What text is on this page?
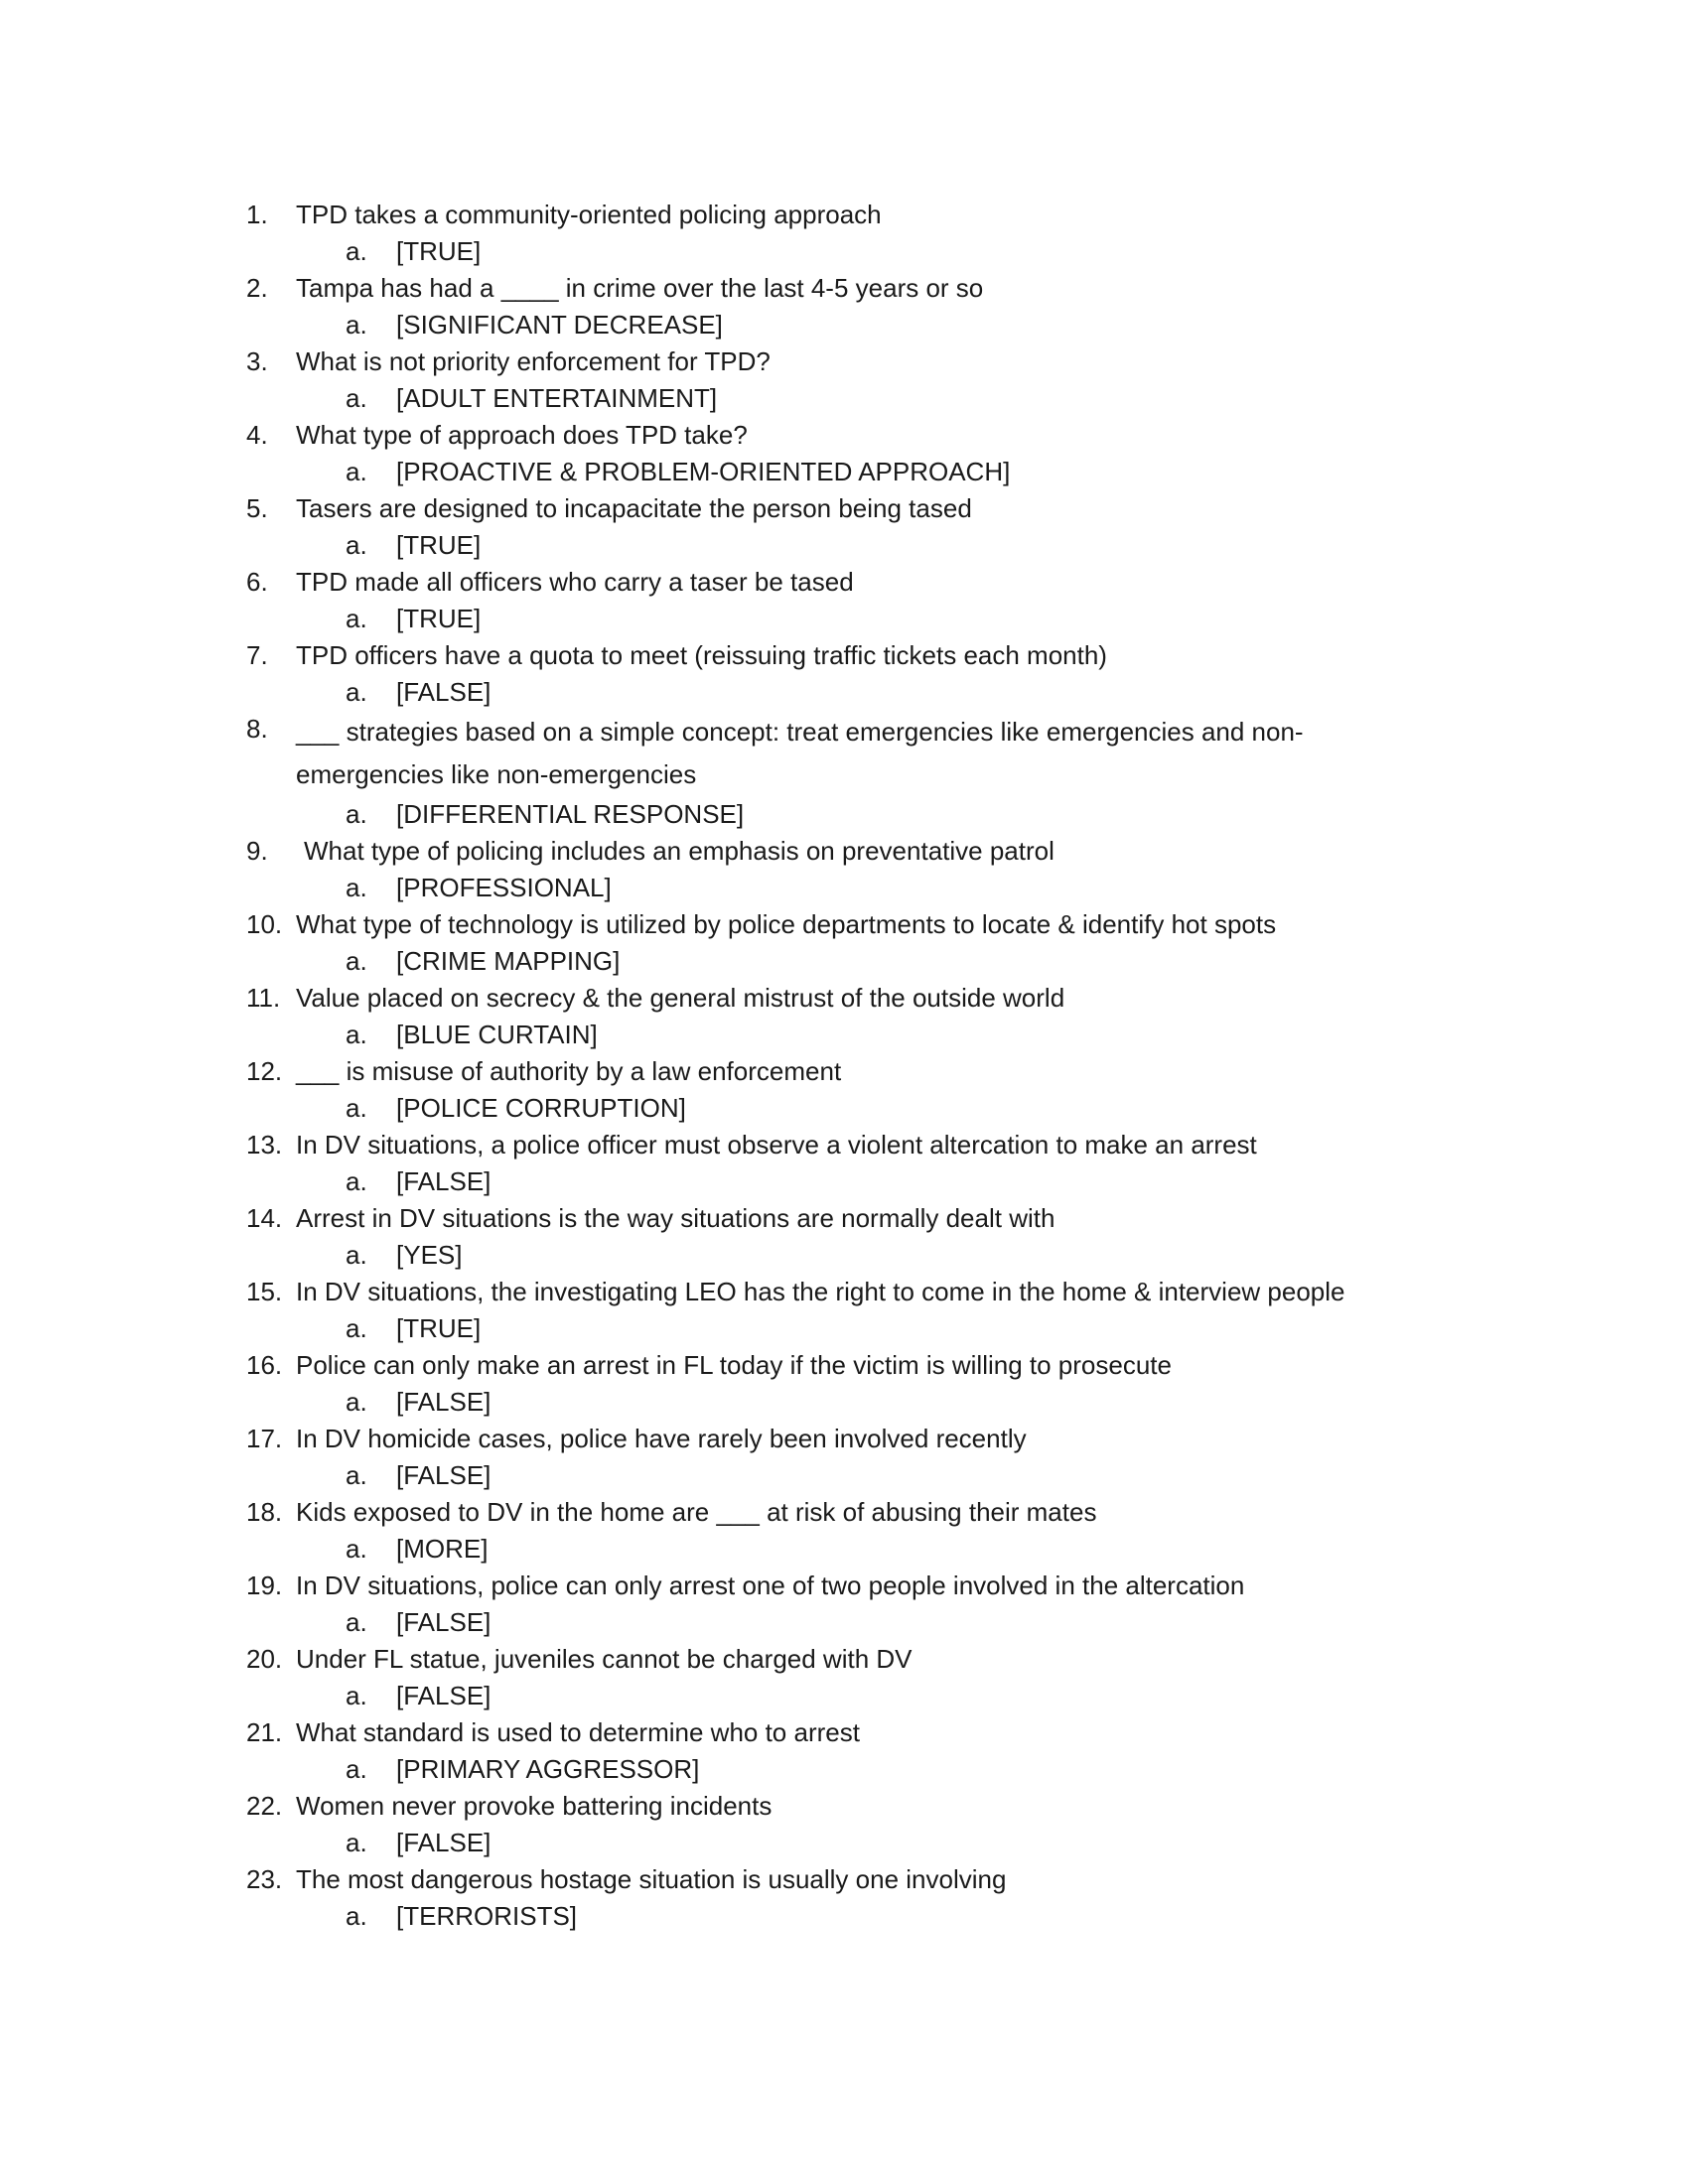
1. TPD takes a community-oriented policing approach
a. [TRUE]
2. Tampa has had a ____ in crime over the last 4-5 years or so
a. [SIGNIFICANT DECREASE]
3. What is not priority enforcement for TPD?
a. [ADULT ENTERTAINMENT]
4. What type of approach does TPD take?
a. [PROACTIVE & PROBLEM-ORIENTED APPROACH]
5. Tasers are designed to incapacitate the person being tased
a. [TRUE]
6. TPD made all officers who carry a taser be tased
a. [TRUE]
7. TPD officers have a quota to meet (reissuing traffic tickets each month)
a. [FALSE]
8. ___ strategies based on a simple concept: treat emergencies like emergencies and non-emergencies like non-emergencies
a. [DIFFERENTIAL RESPONSE]
9. What type of policing includes an emphasis on preventative patrol
a. [PROFESSIONAL]
10. What type of technology is utilized by police departments to locate & identify hot spots
a. [CRIME MAPPING]
11. Value placed on secrecy & the general mistrust of the outside world
a. [BLUE CURTAIN]
12. ___ is misuse of authority by a law enforcement
a. [POLICE CORRUPTION]
13. In DV situations, a police officer must observe a violent altercation to make an arrest
a. [FALSE]
14. Arrest in DV situations is the way situations are normally dealt with
a. [YES]
15. In DV situations, the investigating LEO has the right to come in the home & interview people
a. [TRUE]
16. Police can only make an arrest in FL today if the victim is willing to prosecute
a. [FALSE]
17. In DV homicide cases, police have rarely been involved recently
a. [FALSE]
18. Kids exposed to DV in the home are ___ at risk of abusing their mates
a. [MORE]
19. In DV situations, police can only arrest one of two people involved in the altercation
a. [FALSE]
20. Under FL statue, juveniles cannot be charged with DV
a. [FALSE]
21. What standard is used to determine who to arrest
a. [PRIMARY AGGRESSOR]
22. Women never provoke battering incidents
a. [FALSE]
23. The most dangerous hostage situation is usually one involving
a. [TERRORISTS]
